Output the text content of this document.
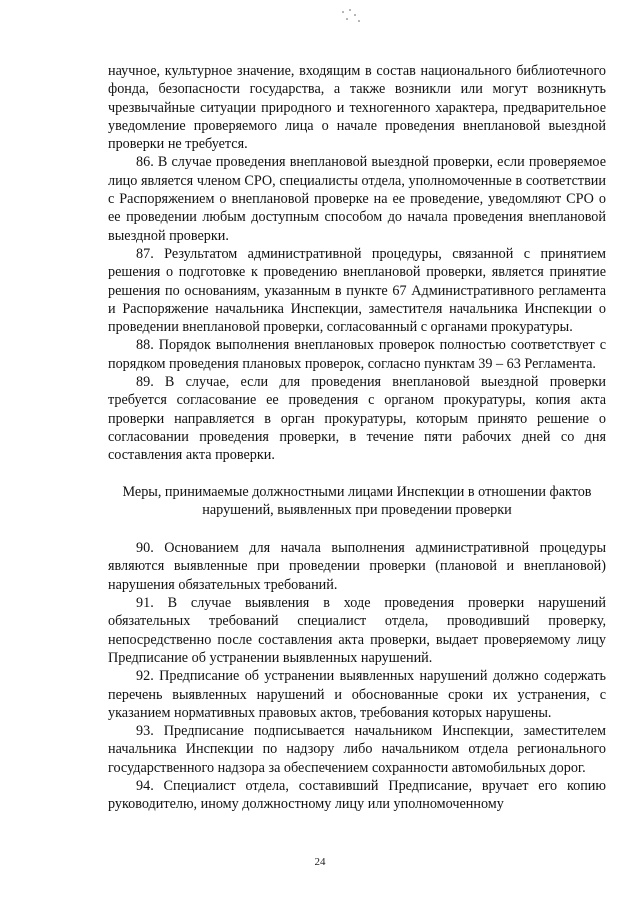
научное, культурное значение, входящим в состав национального библиотечного фонда, безопасности государства, а также возникли или могут возникнуть чрезвычайные ситуации природного и техногенного характера, предварительное уведомление проверяемого лица о начале проведения внеплановой выездной проверки не требуется.

86. В случае проведения внеплановой выездной проверки, если проверяемое лицо является членом СРО, специалисты отдела, уполномоченные в соответствии с Распоряжением о внеплановой проверке на ее проведение, уведомляют СРО о ее проведении любым доступным способом до начала проведения внеплановой выездной проверки.

87. Результатом административной процедуры, связанной с принятием решения о подготовке к проведению внеплановой проверки, является принятие решения по основаниям, указанным в пункте 67 Административного регламента и Распоряжение начальника Инспекции, заместителя начальника Инспекции о проведении внеплановой проверки, согласованный с органами прокуратуры.

88. Порядок выполнения внеплановых проверок полностью соответствует с порядком проведения плановых проверок, согласно пунктам 39 – 63 Регламента.

89. В случае, если для проведения внеплановой выездной проверки требуется согласование ее проведения с органом прокуратуры, копия акта проверки направляется в орган прокуратуры, которым принято решение о согласовании проведения проверки, в течение пяти рабочих дней со дня составления акта проверки.

Меры, принимаемые должностными лицами Инспекции в отношении фактов нарушений, выявленных при проведении проверки

90. Основанием для начала выполнения административной процедуры являются выявленные при проведении проверки (плановой и внеплановой) нарушения обязательных требований.

91. В случае выявления в ходе проведения проверки нарушений обязательных требований специалист отдела, проводивший проверку, непосредственно после составления акта проверки, выдает проверяемому лицу Предписание об устранении выявленных нарушений.

92. Предписание об устранении выявленных нарушений должно содержать перечень выявленных нарушений и обоснованные сроки их устранения, с указанием нормативных правовых актов, требования которых нарушены.

93. Предписание подписывается начальником Инспекции, заместителем начальника Инспекции по надзору либо начальником отдела регионального государственного надзора за обеспечением сохранности автомобильных дорог.

94. Специалист отдела, составивший Предписание, вручает его копию руководителю, иному должностному лицу или уполномоченному

24
